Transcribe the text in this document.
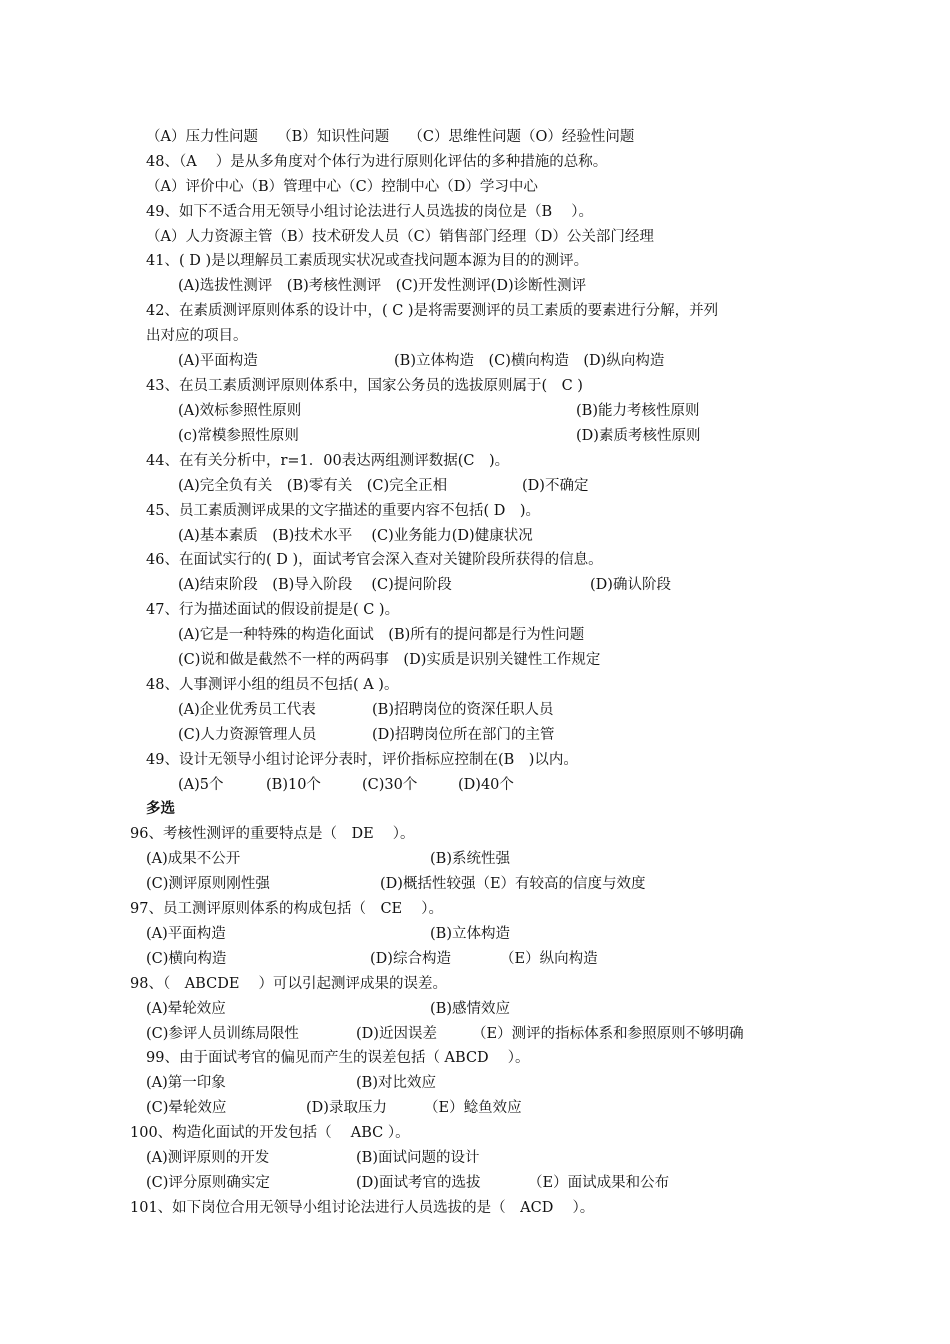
（A）压力性问题　 （B）知识性问题　 （C）思维性问题（O）经验性问题
48、（A　 ）是从多角度对个体行为进行原则化评估的多种措施的总称。
（A）评价中心（B）管理中心（C）控制中心（D）学习中心
49、如下不适合用无领导小组讨论法进行人员选拔的岗位是（B　 ）。
（A）人力资源主管（B）技术研发人员（C）销售部门经理（D）公关部门经理
41、( D )是以理解员工素质现实状况或查找问题本源为目的的测评。
(A)选拔性测评　(B)考核性测评　(C)开发性测评(D)诊断性测评
42、在素质测评原则体系的设计中，( C )是将需要测评的员工素质的要素进行分解，并列
出对应的项目。

(A)平面构造

	(B)立体构造　(C)横向构造　(D)纵向构造

43、在员工素质测评原则体系中，国家公务员的选拔原则属于(　C )

(A)效标参照性原则

	(B)能力考核性原则

(c)常模参照性原则

	(D)素质考核性原则

44、在有关分析中，r=1．00表达两组测评数据(C　)。

(A)完全负有关　(B)零有关　(C)完全正相

	(D)不确定

45、员工素质测评成果的文字描述的重要内容不包括( D　)。
(A)基本素质　(B)技术水平　 (C)业务能力(D)健康状况
46、在面试实行的( D )，面试考官会深入查对关键阶段所获得的信息。

(A)结束阶段　(B)导入阶段　 (C)提问阶段

	(D)确认阶段

47、行为描述面试的假设前提是( C )。
(A)它是一种特殊的构造化面试　(B)所有的提问都是行为性问题
(C)说和做是截然不一样的两码事　(D)实质是识别关键性工作规定
48、人事测评小组的组员不包括( A )。

(A)企业优秀员工代表

	(B)招聘岗位的资深任职人员

(C)人力资源管理人员

	(D)招聘岗位所在部门的主管

49、设计无领导小组讨论评分表时，评价指标应控制在(B　)以内。

(A)5个

	(B)10个

	(C)30个

	(D)40个

多选
96、考核性测评的重要特点是（　DE　 ）。

(A)成果不公开

	(B)系统性强

(C)测评原则刚性强

	(D)概括性较强（E）有较高的信度与效度

97、员工测评原则体系的构成包括（　CE　 ）。

(A)平面构造

	(B)立体构造

(C)横向构造

	(D)综合构造

	（E）纵向构造

98、（　ABCDE　 ）可以引起测评成果的误差。

(A)晕轮效应

	(B)感情效应

(C)参评人员训练局限性

	(D)近因误差

（E）测评的指标体系和参照原则不够明确

99、由于面试考官的偏见而产生的误差包括（ ABCD　 ）。

(A)第一印象

	(B)对比效应

(C)晕轮效应

	(D)录取压力

	（E）鲶鱼效应

100、构造化面试的开发包括（　 ABC ）。

(A)测评原则的开发

	(B)面试问题的设计

(C)评分原则确实定

	(D)面试考官的选拔

	（E）面试成果和公布

101、如下岗位合用无领导小组讨论法进行人员选拔的是（　ACD　 ）。
